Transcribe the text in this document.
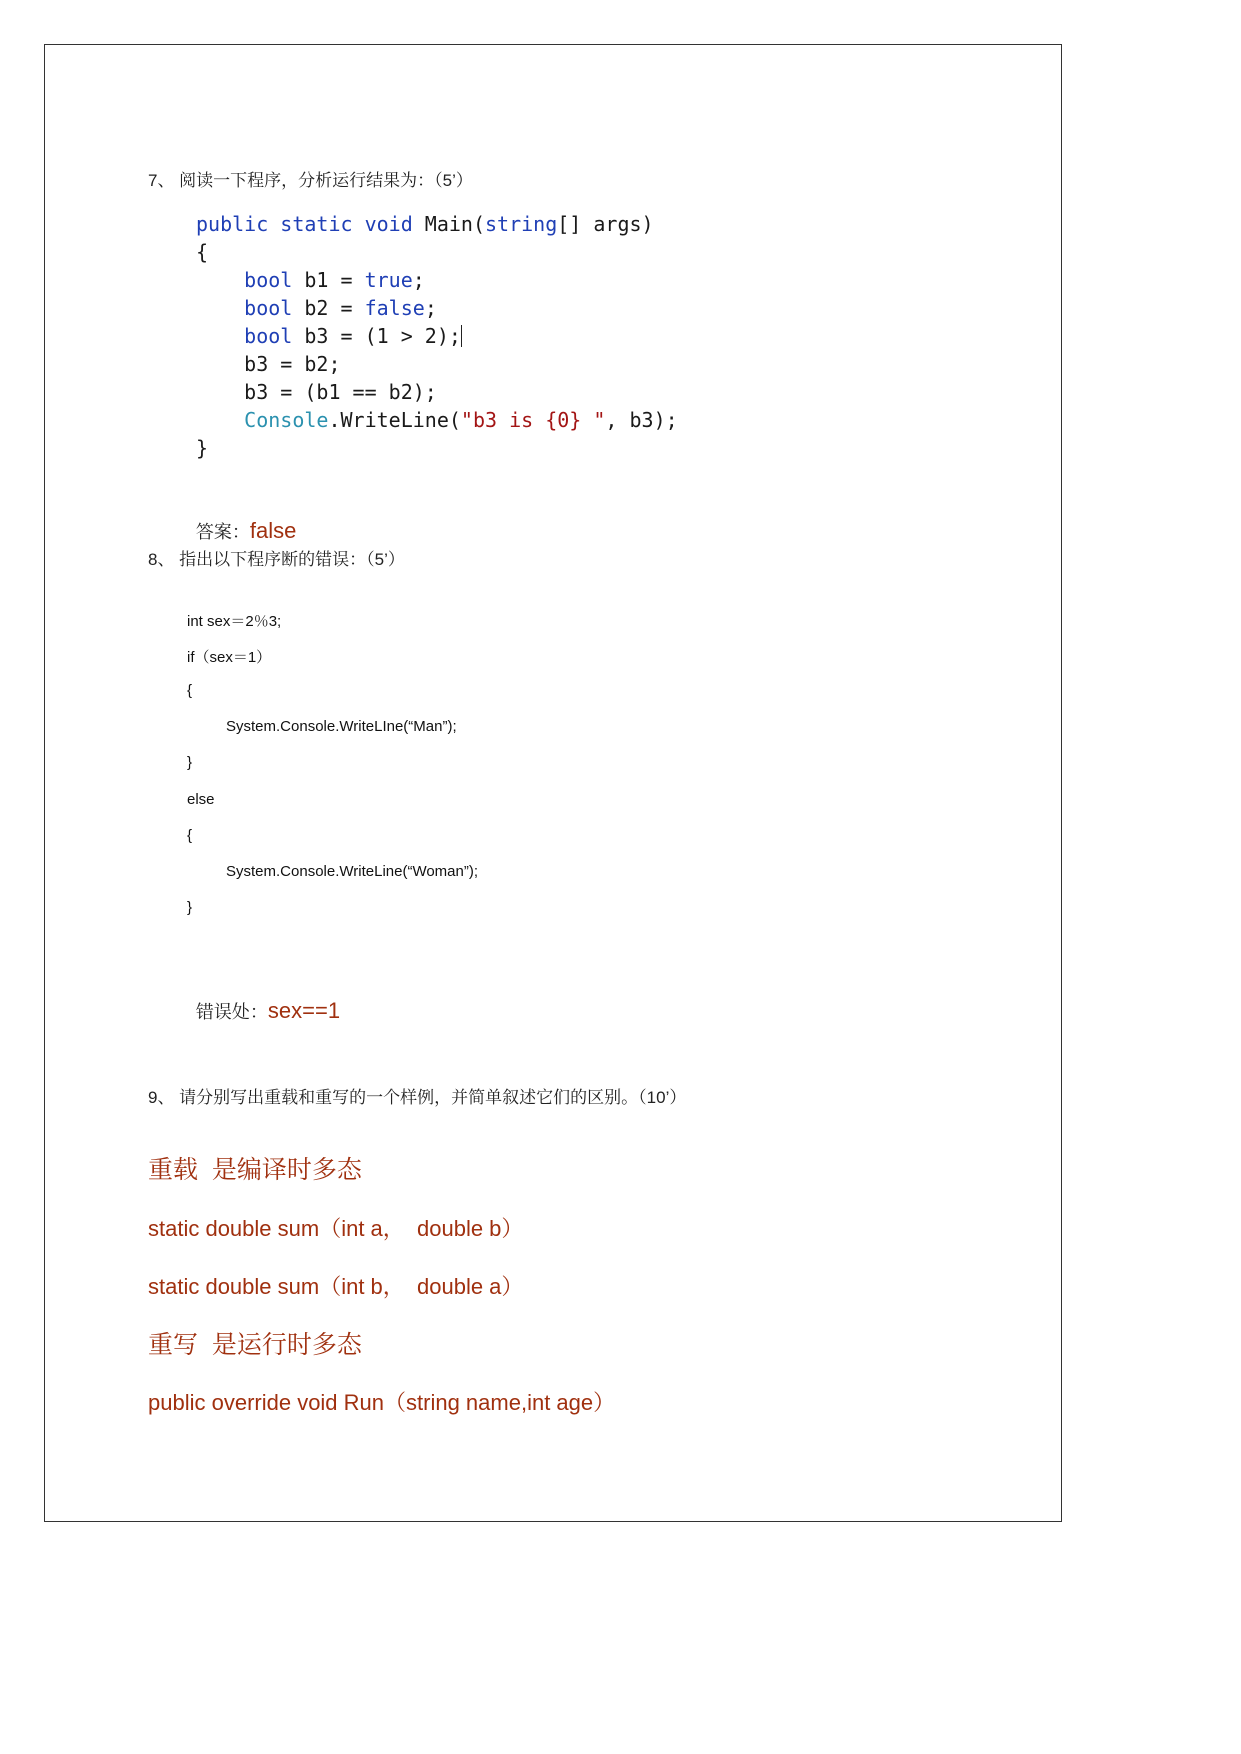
7、 阅读一下程序，分析运行结果为：（5’）
public static void Main(string[] args)
{
bool b1 = true;
bool b2 = false;
bool b3 = (1 > 2);
b3 = b2;
b3 = (b1 == b2);
Console.WriteLine("b3 is {0} ", b3);
}

答案：false

8、 指出以下程序断的错误：（5’）
int sex＝2％3;
if（sex＝1）
{
System.Console.WriteLIne(“Man”);
}
else
{
System.Console.WriteLine(“Woman”);
}

错误处：sex==1

9、 请分别写出重载和重写的一个样例，并简单叙述它们的区别。（10’）
重载  是编译时多态
static double sum（int a，  double b）
static double sum（int b，  double a）
重写  是运行时多态
public override void Run（string name,int age）
